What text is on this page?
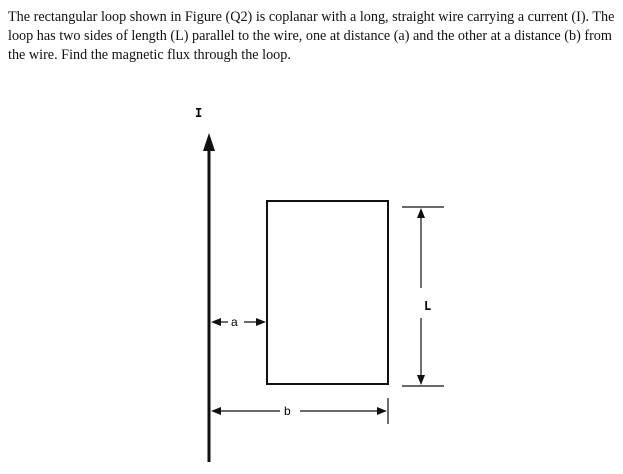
The rectangular loop shown in Figure (Q2) is coplanar with a long, straight wire carrying a current (I). The loop has two sides of length (L) parallel to the wire, one at distance (a) and the other at a distance (b) from the wire. Find the magnetic flux through the loop.

I
L
a
b
